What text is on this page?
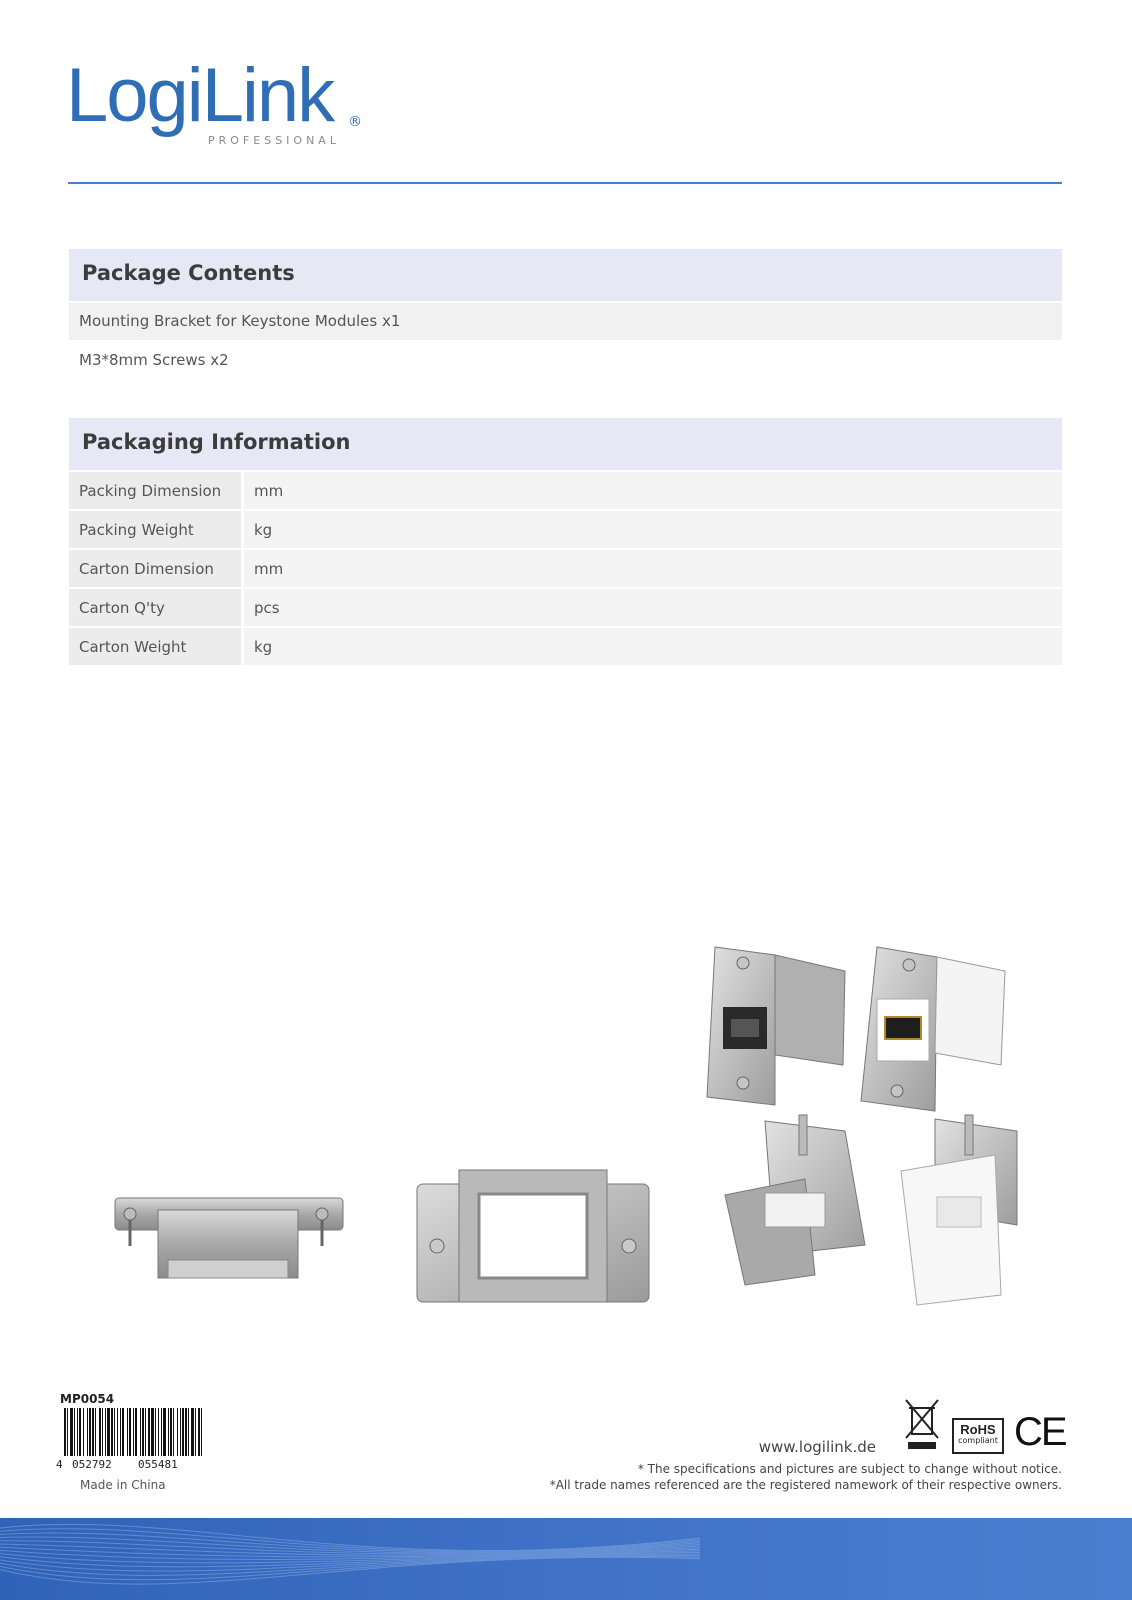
LogiLink ®
PROFESSIONAL
Package Contents
Mounting Bracket for Keystone Modules x1
M3*8mm Screws x2
Packaging Information
Packing Dimension mm
Packing Weight	kg
Carton Dimension	mm
Carton Q'ty	pcs
Carton Weight	kg
MP0054
4 052792 055481
Made in China
www.logilink.de
RoHS
compliant CE
* The specifications and pictures are subject to change without notice.
*All trade names referenced are the registered namework of their respective owners.
